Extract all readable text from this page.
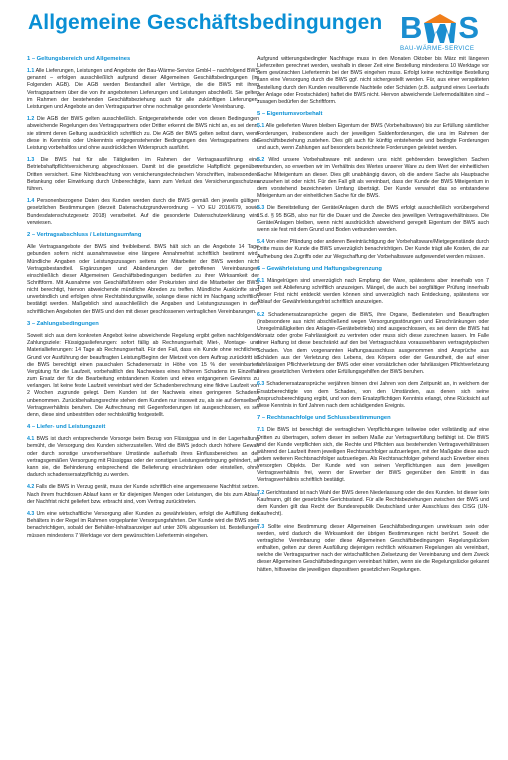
Allgemeine Geschäftsbedingungen B S
BAU-WÄRME-SERVICE
1 – Geltungsbereich und Allgemeines

1.1 Alle Lieferungen, Leistungen und Angebote der Bau-Wärme-Service GmbH – nachfolgend BWS genannt – erfolgen ausschließlich aufgrund dieser Allgemeinen Geschäftsbedingungen (im Folgenden AGB). Die AGB werden Bestandteil aller Verträge, die die BWS mit ihren Vertragspartnern über die von ihr angebotenen Lieferungen und Leistungen abschließt. Sie gelten im Rahmen der bestehenden Geschäftsbeziehung auch für alle zukünftigen Lieferungen, Leistungen und Angebote an den Vertragspartner ohne nochmalige gesonderte Vereinbarung.

1.2 Die AGB der BWS gelten ausschließlich. Entgegenstehende oder von diesen Bedingungen abweichende Regelungen des Vertragspartners oder Dritter erkennt die BWS nicht an, es sei denn, sie stimmt deren Geltung ausdrücklich schriftlich zu. Die AGB der BWS gelten selbst dann, wenn diese in Kenntnis oder Unkenntnis entgegenstehender Bedingungen des Vertragspartners die Leistung vorbehaltlos und ohne ausdrücklichen Widerspruch ausführt.

1.3 Die BWS hat für alle Tätigkeiten im Rahmen der Vertragsausführung eine Betriebshaftpflichtversicherung abgeschlossen. Damit ist die gesetzliche Haftpflicht gegenüber Dritten versichert. Eine Nichtbeachtung von versicherungstechnischen Vorschriften, insbesondere Betankung oder Einwirkung durch Unberechtigte, kann zum Verlust des Versicherungsschutzes führen.

1.4 Personenbezogene Daten des Kunden werden durch die BWS gemäß den jeweils gültigen gesetzlichen Bestimmungen (derzeit Datenschutzgrundverordnung – VO EU 2016/679, sowie Bundesdatenschutzgesetz 2018) verarbeitet. Auf die gesonderte Datenschutzerklärung wird verwiesen.

2 – Vertragsabschluss / Leistungsumfang

Alle Vertragsangebote der BWS sind freibleibend. BWS hält sich an die Angebote 14 Tage gebunden sofern nicht ausnahmsweise eine längere Annahmefrist schriftlich bestimmt wird. Mündliche Angaben oder Leistungszusagen seitens der Mitarbeiter der BWS werden nicht Vertragsbestandteil. Ergänzungen und Abänderungen der getroffenen Vereinbarungen einschließlich dieser Allgemeinen Geschäftsbedingungen bedürfen zu ihrer Wirksamkeit der Schriftform. Mit Ausnahme von Geschäftsführern oder Prokuristen sind die Mitarbeiter der BWS nicht berechtigt, hiervon abweichende mündliche Abreden zu treffen. Mündliche Auskünfte sind unverbindlich und erfolgen ohne Rechtsbindungswille, solange diese nicht im Nachgang schriftlich bestätigt werden. Maßgeblich sind ausschließlich die Angaben und Leistungszusagen in den schriftlichen Angeboten der BWS und den mit dieser geschlossenen vertraglichen Vereinbarungen.

3 – Zahlungsbedingungen

Soweit sich aus dem konkreten Angebot keine abweichende Regelung ergibt gelten nachfolgende Zahlungsziele: Flüssiggaslieferungen: sofort fällig ab Rechnungserhalt; Miet-, Montage- und Materiallieferungen: 14 Tage ab Rechnungserhalt. Für den Fall, dass ein Kunde ohne rechtlichen Grund vor Ausführung der beauftragten Leistung/Beginn der Mietzeit von dem Auftrag zurücktritt ist die BWS berechtigt einen pauschalen Schadenersatz in Höhe von 15 % der vereinbarten Vergütung für die Laufzeit, vorbehaltlich des Nachweises eines höheren Schadens im Einzelfall zum Ersatz der für die Bearbeitung entstandenen Kosten und eines entgangenen Gewinns zu verlangen. Ist keine feste Laufzeit vereinbart wird der Schadenberechnung eine fiktive Laufzeit von 2 Wochen zugrunde gelegt. Dem Kunden ist der Nachweis eines geringeren Schadens unbenommen. Zurückbehaltungsrechte stehen dem Kunden nur insoweit zu, als sie auf demselben Vertragsverhältnis beruhen. Die Aufrechnung mit Gegenforderungen ist ausgeschlossen, es sei denn, diese sind unbestritten oder rechtskräftig festgestellt.

4 – Liefer- und Leistungszeit

4.1 BWS ist durch entsprechende Vorsorge beim Bezug von Flüssiggas und in der Lagerhaltung bemüht, die Versorgung des Kunden sicherzustellen. Wird die BWS jedoch durch höhere Gewalt oder durch sonstige unvorhersehbare Umstände außerhalb ihres Einflussbereiches an der vertragsgemäßen Versorgung mit Flüssiggas oder der sonstigen Leistungserbringung gehindert, so kann sie, die Behinderung entsprechend die Belieferung einschränken oder einstellen, ohne dadurch schadensersatzpflichtig zu werden.

4.2 Falls die BWS in Verzug gerät, muss der Kunde schriftlich eine angemessene Nachfrist setzen. Nach ihrem fruchtlosen Ablauf kann er für diejenigen Mengen oder Leistungen, die bis zum Ablauf der Nachfrist nicht geliefert bzw. erbracht sind, vom Vertrag zurücktreten.

4.3 Um eine wirtschaftliche Versorgung aller Kunden zu gewährleisten, erfolgt die Auffüllung des Behälters in der Regel im Rahmen vorgeplanter Versorgungsfahrten. Der Kunde wird die BWS stets benachrichtigen, sobald der Behälter-Inhaltsanzeiger auf unter 30% abgesunken ist. Bestellungen müssen mindestens 7 Werktage vor dem gewünschten Liefertermin eingehen.

Aufgrund witterungsbedingter Nachfrage muss in den Monaten Oktober bis März mit längeren Lieferzeiten gerechnet werden, weshalb in dieser Zeit eine Bestellung mindestens 10 Werktage vor dem gewünschten Liefertermin bei der BWS eingehen muss. Erfolgt keine rechtzeitige Bestellung kann eine Versorgung durch die BWS ggf. nicht sichergestellt werden. Für, aus einer verspäteten Bestellung durch den Kunden resultierende Nachteile oder Schäden (z.B. aufgrund eines Leerlaufs der Anlage oder Frostschäden) haftet die BWS nicht. Hiervon abweichende Liefermodalitäten sind – zusagen bedürfen der Schriftform.

5 – Eigentumsvorbehalt

5.1 Alle gelieferten Waren bleiben Eigentum der BWS (Vorbehaltsware) bis zur Erfüllung sämtlicher Forderungen, insbesondere auch der jeweiligen Saldenforderungen, die uns im Rahmen der Geschäftsbeziehung zustehen. Dies gilt auch für künftig entstehende und bedingte Forderungen und auch, wenn Zahlungen auf besonders bezeichnete Forderungen geleistet werden.

5.2 Wird unsere Vorbehaltsware mit anderen uns nicht gehörenden beweglichen Sachen verbunden, so erwerben wir im Verhältnis des Wertes unserer Ware zu dem Wert der einheitlichen Sache Miteigentum an dieser. Dies gilt unabhängig davon, ob die andere Sache als Hauptsache anzusehen ist oder nicht. Für den Fall gilt als vereinbart, dass der Kunde der BWS Miteigentum in dem vorstehend bezeichneten Umfang überträgt. Der Kunde verwahrt das so entstandene Miteigentum an der einheitlichen Sache für die BWS.

5.3 Die Bereitstellung der Geräte/Anlagen durch die BWS erfolgt ausschließlich vorübergehend i.S.d. § 95 BGB, also nur für die Dauer und die Zwecke des jeweiligen Vertragsverhältnisses. Die Geräte/Anlagen bleiben, wenn nicht ausdrücklich abweichend geregelt Eigentum der BWS auch wenn sie fest mit dem Grund und Boden verbunden werden.

5.4 Von einer Pfändung oder anderen Beeinträchtigung der Vorbehaltsware/Mietgegenstände durch Dritte muss der Kunde die BWS unverzüglich benachrichtigen. Der Kunde trägt alle Kosten, die zur Aufhebung des Zugriffs oder zur Wegschaffung der Vorbehaltsware aufgewendet werden müssen.

6 – Gewährleistung und Haftungsbegrenzung

6.1 Mängelrügen sind unverzüglich nach Empfang der Ware, spätestens aber innerhalb von 7 Tagen seit Ablieferung schriftlich anzuzeigen. Mängel, die auch bei sorgfältiger Prüfung innerhalb dieser Frist nicht entdeckt werden können sind unverzüglich nach Entdeckung, spätestens vor Ablauf der Gewährleistungsfrist schriftlich anzuzeigen.

6.2 Schadenersatzansprüche gegen die BWS, ihre Organe, Bediensteten und Beauftragten (insbesondere aus nicht abschließend wegen Versorgungsstörungen und Einschränkungen oder Unregelmäßigkeiten des Anlagen-/Gerätebetriebs) sind ausgeschlossen, es sei denn die BWS hat Vorsatz oder grobe Fahrlässigkeit zu vertreten oder muss sich diese zurechnen lassen. Im Falle einer Haftung ist diese beschränkt auf den bei Vertragsschluss voraussehbaren vertragstypischen Schaden. Von dem vorgenannten Haftungsausschluss ausgenommen sind Ansprüche aus Schäden aus der Verletzung des Lebens, des Körpers oder der Gesundheit, die auf einer fahrlässigen Pflichtverletzung der BWS oder einer vorsätzlichen oder fahrlässigen Pflichtverletzung eines gesetzlichen Vertreters oder Erfüllungsgehilfen der BWS beruhen.

6.3 Schadenersatzansprüche verjähren binnen drei Jahren von dem Zeitpunkt an, in welchem der Ersatzberechtigte von dem Schaden, von den Umständen, aus denen sich seine Anspruchsberechtigung ergibt, und von dem Ersatzpflichtigen Kenntnis erlangt, ohne Rücksicht auf diese Kenntnis in fünf Jahren nach dem schädigenden Ereignis.

7 – Rechtsnachfolge und Schlussbestimmungen

7.1 Die BWS ist berechtigt die vertraglichen Verpflichtungen teilweise oder vollständig auf eine Dritten zu übertragen, sofern dieser im selben Maße zur Vertragserfüllung befähigt ist. Die BWS und der Kunde verpflichten sich, die Rechte und Pflichten aus bestehenden Vertragsverhältnissen während der Laufzeit ihrem jeweiligen Rechtsnachfolger aufzuerlegen, mit der Maßgabe diese auch jedem weiteren Rechtsnachfolger aufzuerlegen. Als Rechtsnachfolger gehend auch Erwerber eines versorgten Objekts. Der Kunde wird von seinen Verpflichtungen aus dem jeweiligen Vertragsverhältnis frei, wenn der Erwerber der BWS gegenüber den Eintritt in das Vertragsverhältnis schriftlich bestätigt.

7.2 Gerichtsstand ist nach Wahl der BWS deren Niederlassung oder die des Kunden. Ist dieser kein Kaufmann, gilt der gesetzliche Gerichtsstand. Für alle Rechtsbeziehungen zwischen der BWS und dem Kunden gilt das Recht der Bundesrepublik Deutschland unter Ausschluss des CISG (UN-Kaufrecht).

7.3 Sollte eine Bestimmung dieser Allgemeinen Geschäftsbedingungen unwirksam sein oder werden, wird dadurch die Wirksamkeit der übrigen Bestimmungen nicht berührt. Soweit die vertragliche Vereinbarung oder diese Allgemeinen Geschäftsbedingungen Regelungslücken enthalten, gelten zur deren Ausfüllung diejenigen rechtlich wirksamen Regelungen als vereinbart, welche die Vertragspartner nach der wirtschaftlichen Zielsetzung der Vereinbarung und dem Zweck dieser Allgemeinen Geschäftsbedingungen vereinbart hätten, wenn sie die Regelungslücke gekannt hätten, hilfsweise die jeweiligen dispositiven gesetzlichen Regelungen.
